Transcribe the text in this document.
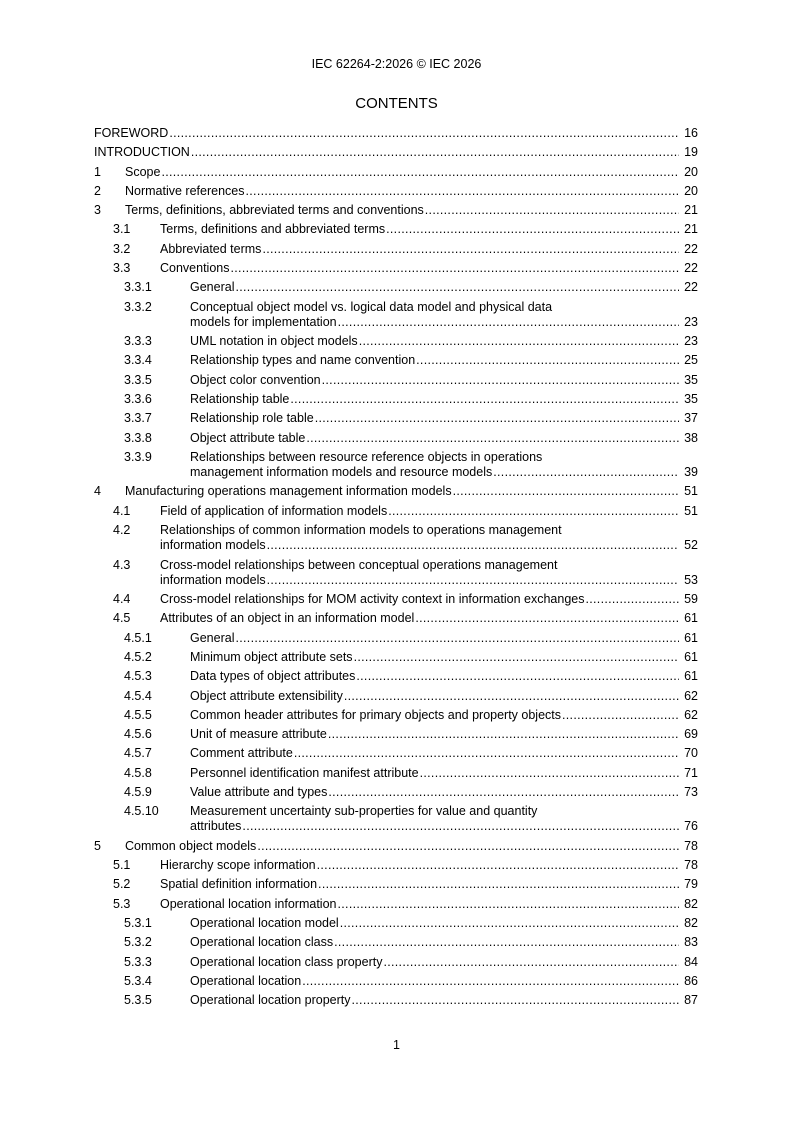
IEC 62264-2:2026 © IEC 2026
CONTENTS
FOREWORD .....	16
INTRODUCTION .....	19
1 Scope .....	20
2 Normative references .....	20
3 Terms, definitions, abbreviated terms and conventions .....	21
3.1 Terms, definitions and abbreviated terms .....	21
3.2 Abbreviated terms .....	22
3.3 Conventions .....	22
3.3.1	General .....	22
3.3.2	Conceptual object model vs. logical data model and physical data
models for implementation .....	23
3.3.3	UML notation in object models .....	23
3.3.4	Relationship types and name convention .....	25
3.3.5	Object color convention .....	35
3.3.6	Relationship table .....	35
3.3.7	Relationship role table .....	37
3.3.8	Object attribute table .....	38
3.3.9	Relationships between resource reference objects in operations
management information models and resource models .....	39
4 Manufacturing operations management information models .....	51
4.1 Field of application of information models .....	51
4.2 Relationships of common information models to operations management
information models .....	52
4.3 Cross-model relationships between conceptual operations management
information models .....	53
4.4 Cross-model relationships for MOM activity context in information exchanges .....	59
4.5 Attributes of an object in an information model .....	61
4.5.1	General .....	61
4.5.2	Minimum object attribute sets .....	61
4.5.3	Data types of object attributes .....	61
4.5.4	Object attribute extensibility .....	62
4.5.5	Common header attributes for primary objects and property objects .....	62
4.5.6	Unit of measure attribute .....	69
4.5.7	Comment attribute .....	70
4.5.8	Personnel identification manifest attribute .....	71
4.5.9	Value attribute and types .....	73
4.5.10 Measurement uncertainty sub-properties for value and quantity
attributes .....	76
5 Common object models .....	78
5.1 Hierarchy scope information .....	78
5.2 Spatial definition information .....	79
5.3 Operational location information .....	82
5.3.1	Operational location model .....	82
5.3.2	Operational location class .....	83
5.3.3	Operational location class property .....	84
5.3.4	Operational location .....	86
5.3.5	Operational location property .....	87
1
